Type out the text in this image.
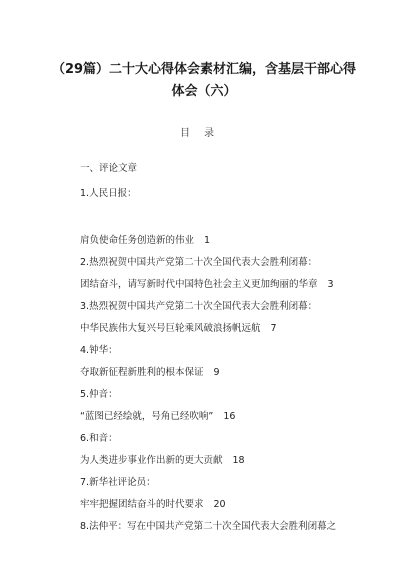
（29篇）二十大心得体会素材汇编，含基层干部心得
体会（六）
目录
一、评论文章
1.人民日报：
肩负使命任务创造新的伟业 1
2.热烈祝贺中国共产党第二十次全国代表大会胜利闭幕：
团结奋斗，请写新时代中国特色社会主义更加绚丽的华章 3
3.热烈祝贺中国共产党第二十次全国代表大会胜利闭幕：
中华民族伟大复兴号巨轮乘风破浪扬帆远航 7
4.钟华：
夺取新征程新胜利的根本保证 9
5.仲音：
“蓝图已经绘就，号角已经吹响” 16
6.和音：
为人类进步事业作出新的更大贡献 18
7.新华社评论员：
牢牢把握团结奋斗的时代要求 20
8.法仲平：写在中国共产党第二十次全国代表大会胜利闭幕之
